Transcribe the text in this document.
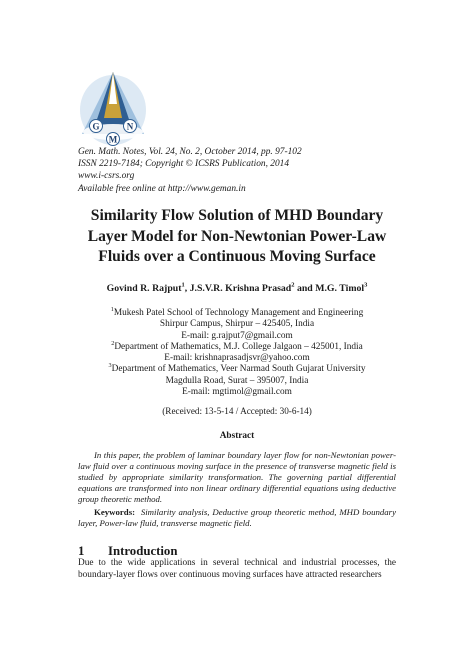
G
M
N
Gen. Math. Notes, Vol. 24, No. 2, October 2014, pp. 97-102
ISSN 2219-7184; Copyright © ICSRS Publication, 2014
www.i-csrs.org
Available free online at http://www.geman.in
Similarity Flow Solution of MHD Boundary
Layer Model for Non-Newtonian Power-Law
Fluids over a Continuous Moving Surface
Govind R. Rajput$^1$, J.S.V.R. Krishna Prasad$^2$ and M.G. Timol$^3$
$^1$Mukesh Patel School of Technology Management and Engineering
Shirpur Campus, Shirpur – 425405, India
E-mail: g.rajput7@gmail.com
$^2$Department of Mathematics, M.J. College Jalgaon – 425001, India
E-mail: krishnaprasadjsvr@yahoo.com
$^3$Department of Mathematics, Veer Narmad South Gujarat University
Magdulla Road, Surat – 395007, India
E-mail: mgtimol@gmail.com
(Received: 13-5-14 / Accepted: 30-6-14)
Abstract
In this paper, the problem of laminar boundary layer flow for non-Newtonian power-law fluid over a continuous moving surface in the presence of transverse magnetic field is studied by appropriate similarity transformation. The governing partial differential equations are transformed into non linear ordinary differential equations using deductive group theoretic method.
Keywords: Similarity analysis, Deductive group theoretic method, MHD boundary layer, Power-law fluid, transverse magnetic field.
1 Introduction
Due to the wide applications in several technical and industrial processes, the boundary-layer flows over continuous moving surfaces have attracted researchers
